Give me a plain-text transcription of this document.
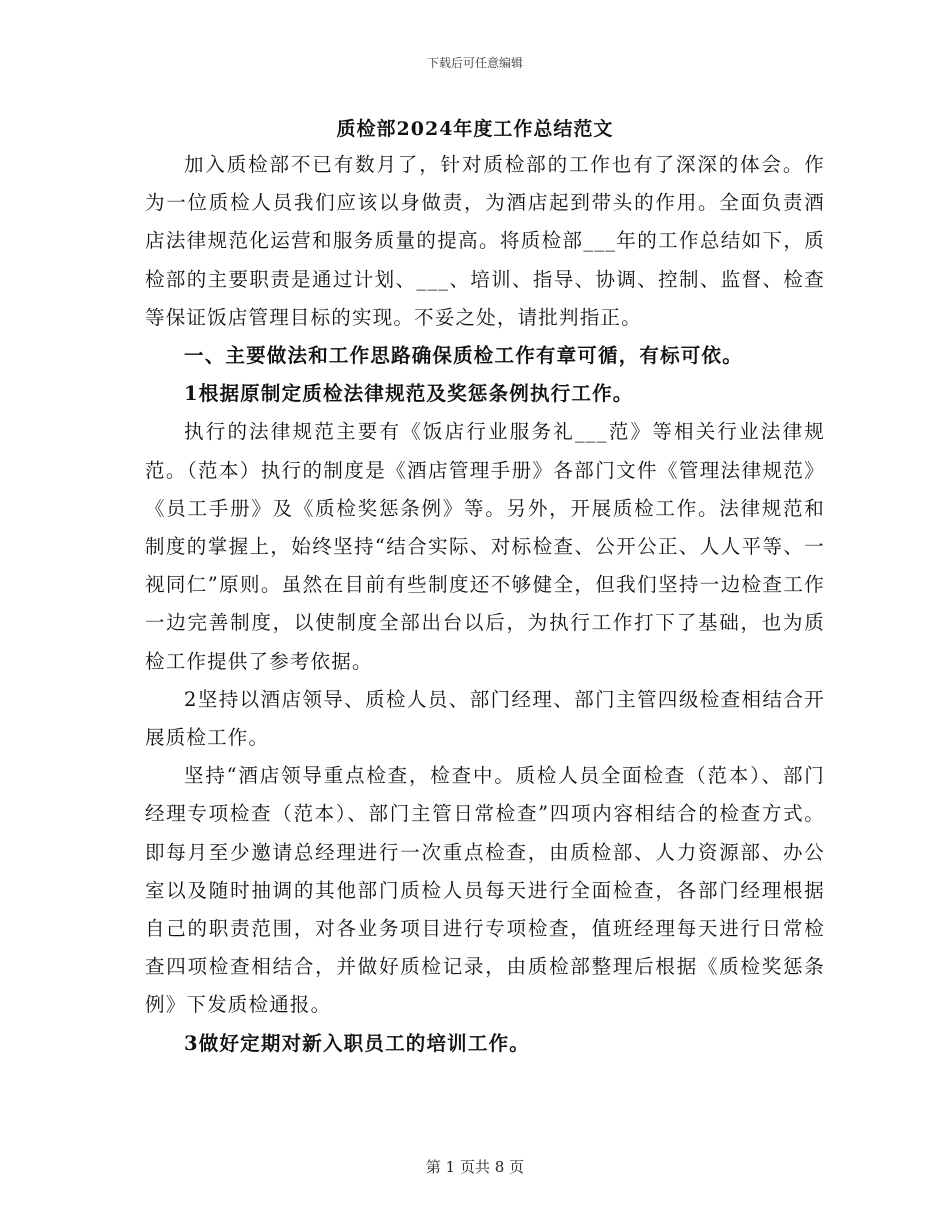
下载后可任意编辑
质检部2024年度工作总结范文

加入质检部不已有数月了，针对质检部的工作也有了深深的体会。作为一位质检人员我们应该以身做责，为酒店起到带头的作用。全面负责酒店法律规范化运营和服务质量的提高。将质检部___年的工作总结如下，质检部的主要职责是通过计划、___、培训、指导、协调、控制、监督、检查等保证饭店管理目标的实现。不妥之处，请批判指正。

一、主要做法和工作思路确保质检工作有章可循，有标可依。

1根据原制定质检法律规范及奖惩条例执行工作。

执行的法律规范主要有《饭店行业服务礼___范》等相关行业法律规范。（范本）执行的制度是《酒店管理手册》各部门文件《管理法律规范》《员工手册》及《质检奖惩条例》等。另外，开展质检工作。法律规范和制度的掌握上，始终坚持“结合实际、对标检查、公开公正、人人平等、一视同仁”原则。虽然在目前有些制度还不够健全，但我们坚持一边检查工作一边完善制度，以使制度全部出台以后，为执行工作打下了基础，也为质检工作提供了参考依据。

2坚持以酒店领导、质检人员、部门经理、部门主管四级检查相结合开展质检工作。

坚持“酒店领导重点检查，检查中。质检人员全面检查（范本）、部门经理专项检查（范本）、部门主管日常检查”四项内容相结合的检查方式。即每月至少邀请总经理进行一次重点检查，由质检部、人力资源部、办公室以及随时抽调的其他部门质检人员每天进行全面检查，各部门经理根据自己的职责范围，对各业务项目进行专项检查，值班经理每天进行日常检查四项检查相结合，并做好质检记录，由质检部整理后根据《质检奖惩条例》下发质检通报。

3做好定期对新入职员工的培训工作。

第 1 页共 8 页
